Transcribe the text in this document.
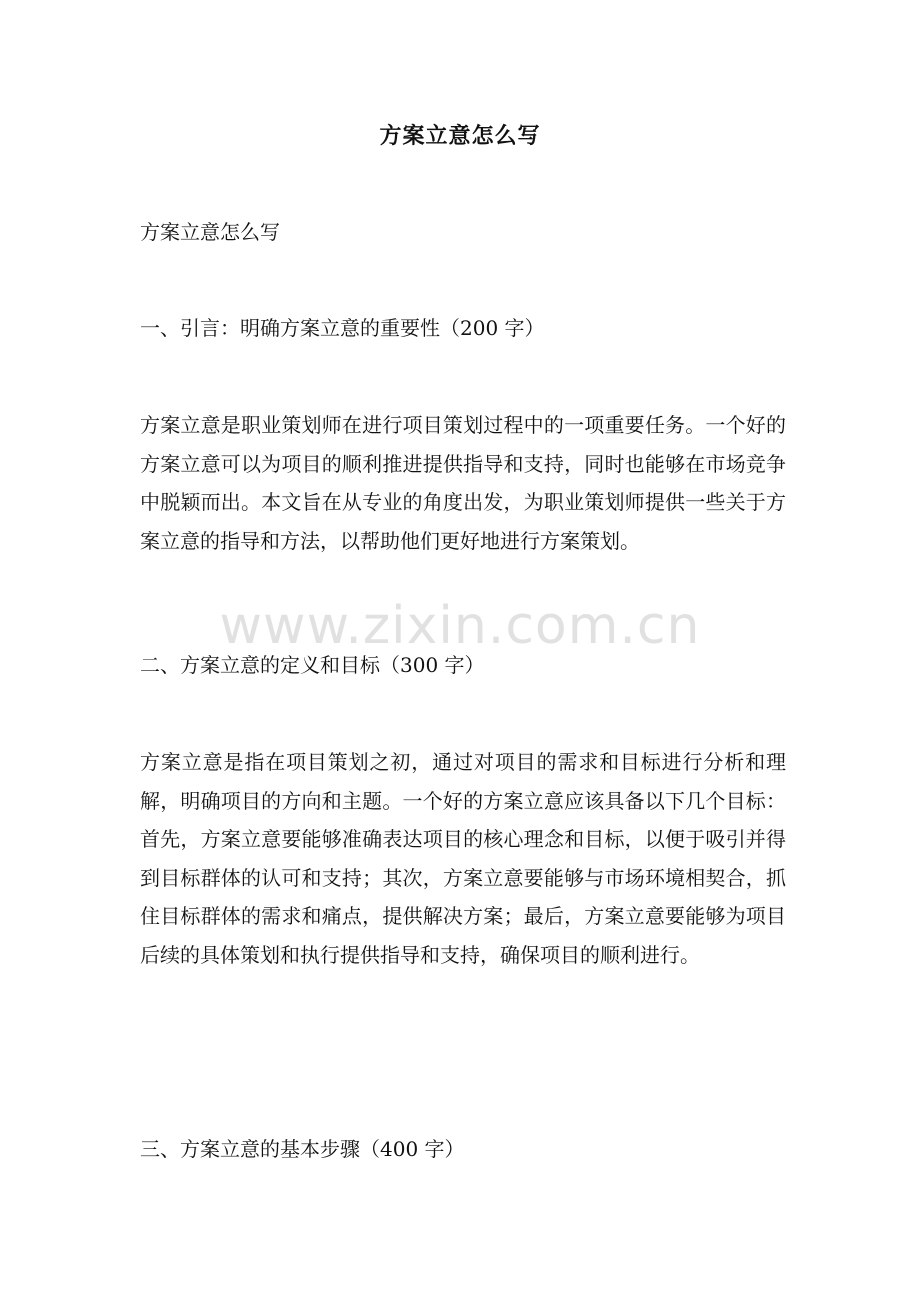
方案立意怎么写
方案立意怎么写
一、引言：明确方案立意的重要性（200 字）
方案立意是职业策划师在进行项目策划过程中的一项重要任务。一个好的方案立意可以为项目的顺利推进提供指导和支持，同时也能够在市场竞争中脱颖而出。本文旨在从专业的角度出发，为职业策划师提供一些关于方案立意的指导和方法，以帮助他们更好地进行方案策划。
二、方案立意的定义和目标（300 字）
方案立意是指在项目策划之初，通过对项目的需求和目标进行分析和理解，明确项目的方向和主题。一个好的方案立意应该具备以下几个目标：首先，方案立意要能够准确表达项目的核心理念和目标，以便于吸引并得到目标群体的认可和支持；其次，方案立意要能够与市场环境相契合，抓住目标群体的需求和痛点，提供解决方案；最后，方案立意要能够为项目后续的具体策划和执行提供指导和支持，确保项目的顺利进行。
三、方案立意的基本步骤（400 字）
www.zixin.com.cn
